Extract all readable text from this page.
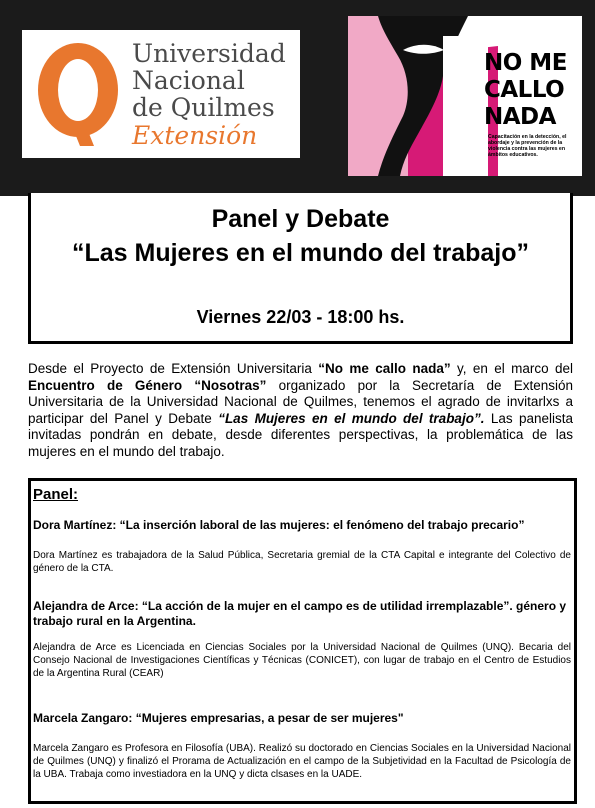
Universidad
Nacional
de Quilmes
Extensión
NO ME
CALLO
NADA
Capacitación en la detección, el abordaje y la prevención de la violencia contra las mujeres en ámbitos educativos.
Panel y Debate
“Las Mujeres en el mundo del trabajo”
Viernes 22/03 - 18:00 hs.
Desde el Proyecto de Extensión Universitaria “No me callo nada” y, en el marco del Encuentro de Género “Nosotras” organizado por la Secretaría de Extensión Universitaria de la Universidad Nacional de Quilmes, tenemos el agrado de invitarlxs a participar del Panel y Debate “Las Mujeres en el mundo del trabajo”. Las panelista invitadas pondrán en debate, desde diferentes perspectivas, la problemática de las mujeres en el mundo del trabajo.
Panel:
Dora Martínez: “La inserción laboral de las mujeres: el fenómeno del trabajo precario”
Dora Martínez es trabajadora de la Salud Pública, Secretaria gremial de la CTA Capital e integrante del Colectivo de género de la CTA.
Alejandra de Arce: “La acción de la mujer en el campo es de utilidad irremplazable”. género y trabajo rural en la Argentina.
Alejandra de Arce es Licenciada en Ciencias Sociales por la Universidad Nacional de Quilmes (UNQ). Becaria del Consejo Nacional de Investigaciones Científicas y Técnicas (CONICET), con lugar de trabajo en el Centro de Estudios de la Argentina Rural (CEAR)
Marcela Zangaro: “Mujeres empresarias, a pesar de ser mujeres"
Marcela Zangaro es Profesora en Filosofía (UBA). Realizó su doctorado en Ciencias Sociales en la Universidad Nacional de Quilmes (UNQ) y finalizó el Prorama de Actualización en el campo de la Subjetividad en la Facultad de Psicología de la UBA. Trabaja como investiadora en la UNQ y dicta clsases en la UADE.
